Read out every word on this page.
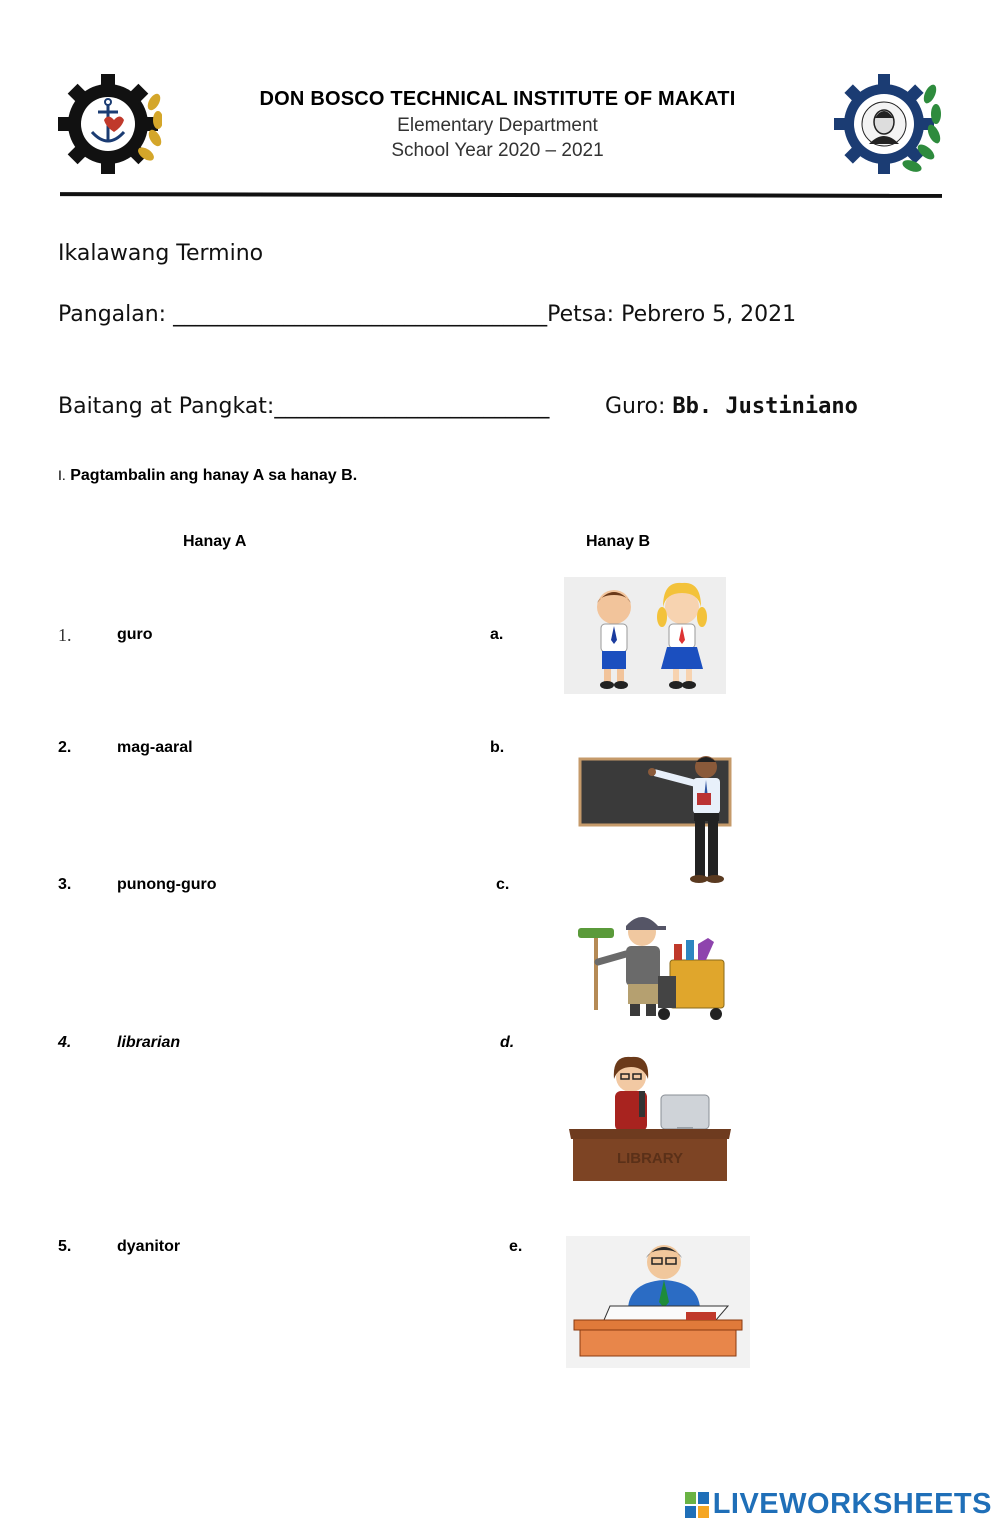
DON BOSCO TECHNICAL INSTITUTE OF MAKATI
Elementary Department
School Year 2020 – 2021
Ikalawang Termino
Pangalan: __________________________________Petsa: Pebrero 5, 2021
Baitang at Pangkat:_________________________	Guro: Bb. Justiniano
I. Pagtambalin ang hanay A sa hanay B.
Hanay A	Hanay B
1.	guro	a.
2.	mag-aaral	b.
3.	punong-guro	c.
4.	librarian	d.
5.	dyanitor	e.
LIBRARY
LIVEWORKSHEETS
